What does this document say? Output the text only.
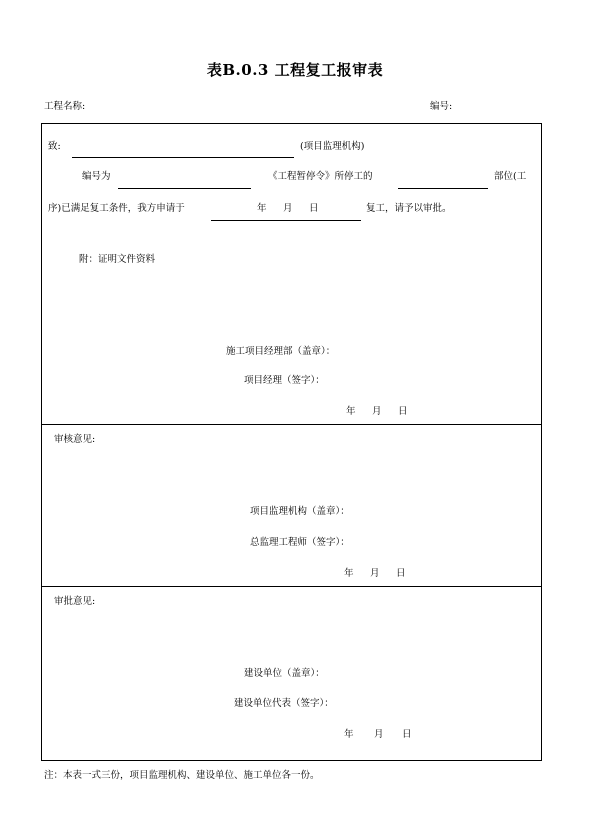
表B.0.3 工程复工报审表
工程名称:	编号:
致:	(项目监理机构)
编号为	《工程暂停令》所停工的	部位(工
序)已满足复工条件，我方申请于	年 月 日	复工，请予以审批。
附：证明文件资料
施工项目经理部（盖章）：
项目经理（签字）：
年 月 日
审核意见:
项目监理机构（盖章）：
总监理工程师（签字）：
年 月 日
审批意见:
建设单位（盖章）：
建设单位代表（签字）：
年 月 日
注：本表一式三份，项目监理机构、建设单位、施工单位各一份。
